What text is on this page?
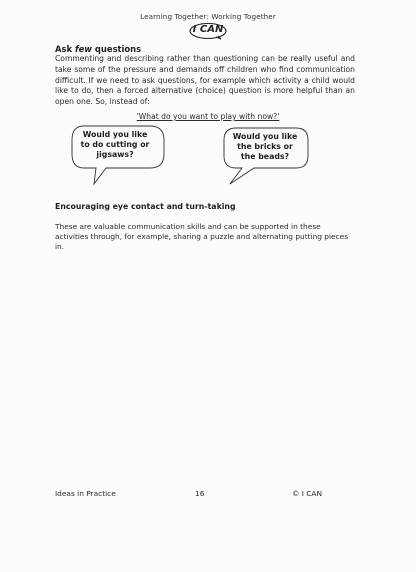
Learning Together: Working Together
I CAN
Ask few questions
Commenting and describing rather than questioning can be really useful and take some of the pressure and demands off children who find communication difficult. If we need to ask questions, for example which activity a child would like to do, then a forced alternative (choice) question is more helpful than an open one. So, instead of:
'What do you want to play with now?'
Would you like to do cutting or jigsaws?
Would you like the bricks or the beads?
Encouraging eye contact and turn-taking
These are valuable communication skills and can be supported in these activities through, for example, sharing a puzzle and alternating putting pieces in.
Ideas in Practice	16	© I CAN
